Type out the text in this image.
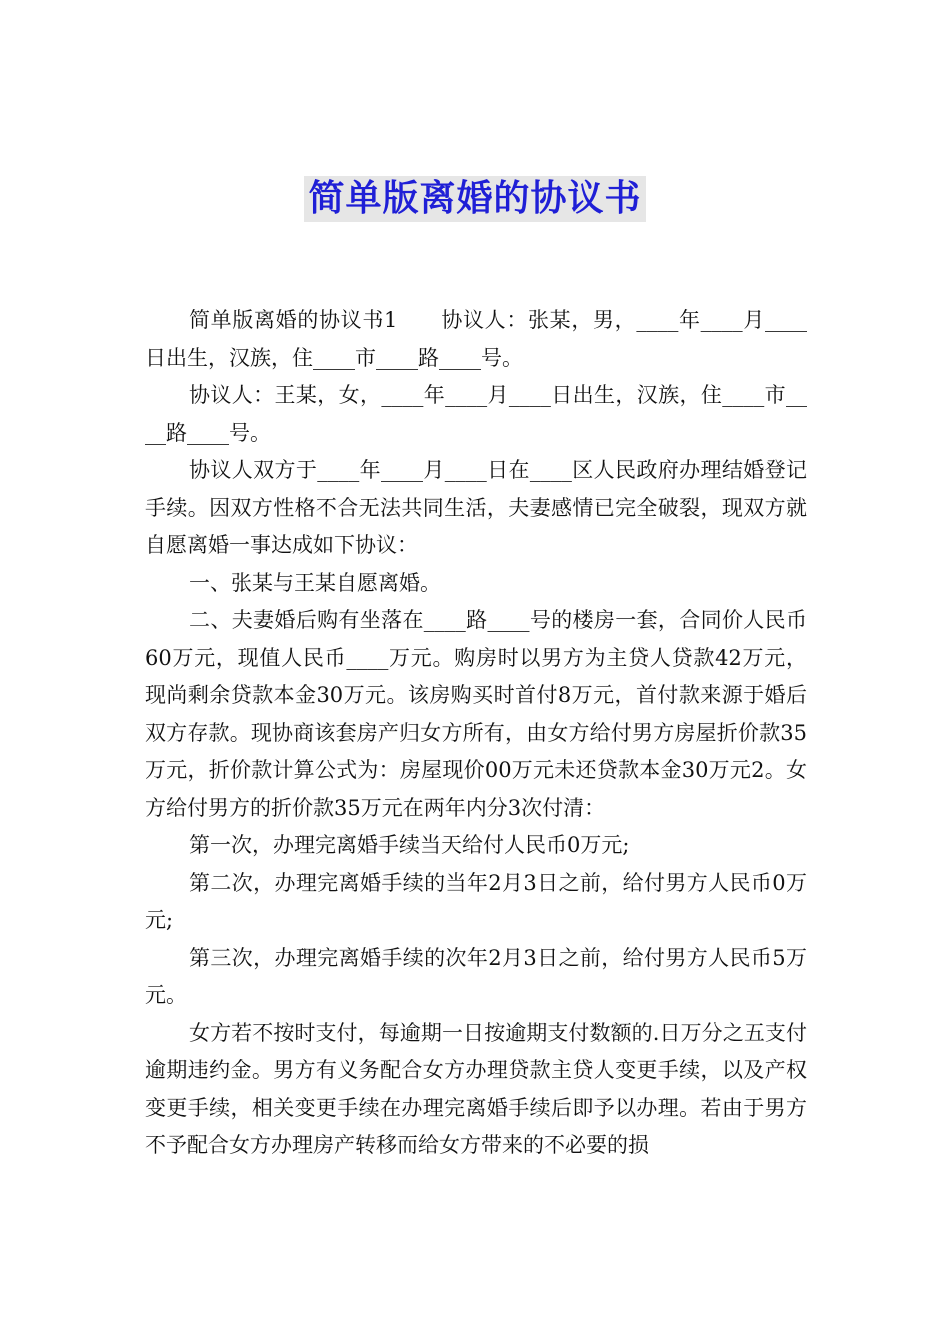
简单版离婚的协议书

简单版离婚的协议书1　　协议人：张某，男，____年____月____日出生，汉族，住____市____路____号。

协议人：王某，女，____年____月____日出生，汉族，住____市____路____号。

协议人双方于____年____月____日在____区人民政府办理结婚登记手续。因双方性格不合无法共同生活，夫妻感情已完全破裂，现双方就自愿离婚一事达成如下协议：

一、张某与王某自愿离婚。

二、夫妻婚后购有坐落在____路____号的楼房一套，合同价人民币60万元，现值人民币____万元。购房时以男方为主贷人贷款42万元，现尚剩余贷款本金30万元。该房购买时首付8万元，首付款来源于婚后双方存款。现协商该套房产归女方所有，由女方给付男方房屋折价款35万元，折价款计算公式为：房屋现价00万元未还贷款本金30万元2。女方给付男方的折价款35万元在两年内分3次付清：

第一次，办理完离婚手续当天给付人民币0万元;

第二次，办理完离婚手续的当年2月3日之前，给付男方人民币0万元;

第三次，办理完离婚手续的次年2月3日之前，给付男方人民币5万元。

女方若不按时支付，每逾期一日按逾期支付数额的.日万分之五支付逾期违约金。男方有义务配合女方办理贷款主贷人变更手续，以及产权变更手续，相关变更手续在办理完离婚手续后即予以办理。若由于男方不予配合女方办理房产转移而给女方带来的不必要的损
